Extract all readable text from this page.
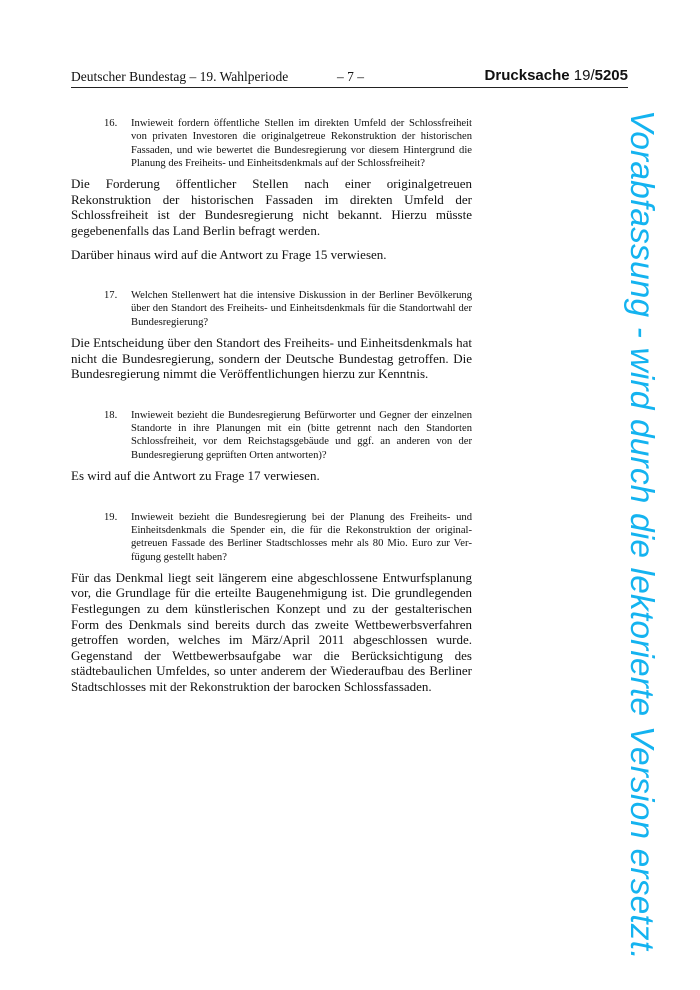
Deutscher Bundestag – 19. Wahlperiode	– 7 –	Drucksache 19/5205
16. Inwieweit fordern öffentliche Stellen im direkten Umfeld der Schlossfreiheit von privaten Investoren die originalgetreue Rekonstruktion der historischen Fassaden, und wie bewertet die Bundesregierung vor diesem Hintergrund die Planung des Freiheits- und Einheitsdenkmals auf der Schlossfreiheit?

Die Forderung öffentlicher Stellen nach einer originalgetreuen Rekonstruktion der historischen Fassaden im direkten Umfeld der Schlossfreiheit ist der Bundesregierung nicht bekannt. Hierzu müsste gegebenenfalls das Land Berlin befragt werden.

Darüber hinaus wird auf die Antwort zu Frage 15 verwiesen.

17. Welchen Stellenwert hat die intensive Diskussion in der Berliner Bevölkerung über den Standort des Freiheits- und Einheitsdenkmals für die Standortwahl der Bundesregierung?

Die Entscheidung über den Standort des Freiheits- und Einheitsdenkmals hat nicht die Bundesregierung, sondern der Deutsche Bundestag getroffen. Die Bundesregierung nimmt die Veröffentlichungen hierzu zur Kenntnis.

18. Inwieweit bezieht die Bundesregierung Befürworter und Gegner der einzelnen Standorte in ihre Planungen mit ein (bitte getrennt nach den Standorten Schlossfreiheit, vor dem Reichstagsgebäude und ggf. an anderen von der Bundesregierung geprüften Orten antworten)?

Es wird auf die Antwort zu Frage 17 verwiesen.

19. Inwieweit bezieht die Bundesregierung bei der Planung des Freiheits- und Einheitsdenkmals die Spender ein, die für die Rekonstruktion der originalgetreuen Fassade des Berliner Stadtschlosses mehr als 80 Mio. Euro zur Verfügung gestellt haben?

Für das Denkmal liegt seit längerem eine abgeschlossene Entwurfsplanung vor, die Grundlage für die erteilte Baugenehmigung ist. Die grundlegenden Festlegungen zu dem künstlerischen Konzept und zu der gestalterischen Form des Denkmals sind bereits durch das zweite Wettbewerbsverfahren getroffen worden, welches im März/April 2011 abgeschlossen wurde. Gegenstand der Wettbewerbsaufgabe war die Berücksichtigung des städtebaulichen Umfeldes, so unter anderem der Wiederaufbau des Berliner Stadtschlosses mit der Rekonstruktion der barocken Schlossfassaden.	Vorabfassung - wird durch die lektorierte Version ersetzt.
